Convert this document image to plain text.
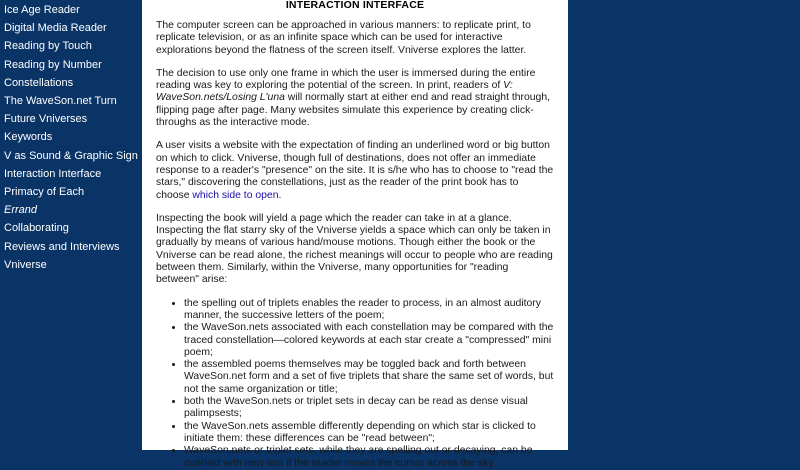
Ice Age Reader
Digital Media Reader
Reading by Touch
Reading by Number
Constellations
The WaveSon.net Turn
Future Vniverses
Keywords
V as Sound & Graphic Sign
Interaction Interface
Primacy of Each
Errand
Collaborating
Reviews and Interviews
Vniverse
INTERACTION INTERFACE

The computer screen can be approached in various manners: to replicate print, to replicate television, or as an infinite space which can be used for interactive explorations beyond the flatness of the screen itself. Vniverse explores the latter.

The decision to use only one frame in which the user is immersed during the entire reading was key to exploring the potential of the screen. In print, readers of V: WaveSon.nets/Losing L'una will normally start at either end and read straight through, flipping page after page. Many websites simulate this experience by creating click-throughs as the interactive mode.

A user visits a website with the expectation of finding an underlined word or big button on which to click. Vniverse, though full of destinations, does not offer an immediate response to a reader's "presence" on the site. It is s/he who has to choose to "read the stars," discovering the constellations, just as the reader of the print book has to choose which side to open.

Inspecting the book will yield a page which the reader can take in at a glance. Inspecting the flat starry sky of the Vniverse yields a space which can only be taken in gradually by means of various hand/mouse motions. Though either the book or the Vniverse can be read alone, the richest meanings will occur to people who are reading between them. Similarly, within the Vniverse, many opportunities for "reading between" arise:

• the spelling out of triplets enables the reader to process, in an almost auditory manner, the successive letters of the poem;
• the WaveSon.nets associated with each constellation may be compared with the traced constellation—colored keywords at each star create a "compressed" mini poem;
• the assembled poems themselves may be toggled back and forth between WaveSon.net form and a set of five triplets that share the same set of words, but not the same organization or title;
• both the WaveSon.nets or triplet sets in decay can be read as dense visual palimpsests;
• the WaveSon.nets assemble differently depending on which star is clicked to initiate them: these differences can be "read between";
• WaveSon.nets or triplet sets, while they are spelling out or decaying, can be overlaid with new text if the reader moves the cursor across the sky.
